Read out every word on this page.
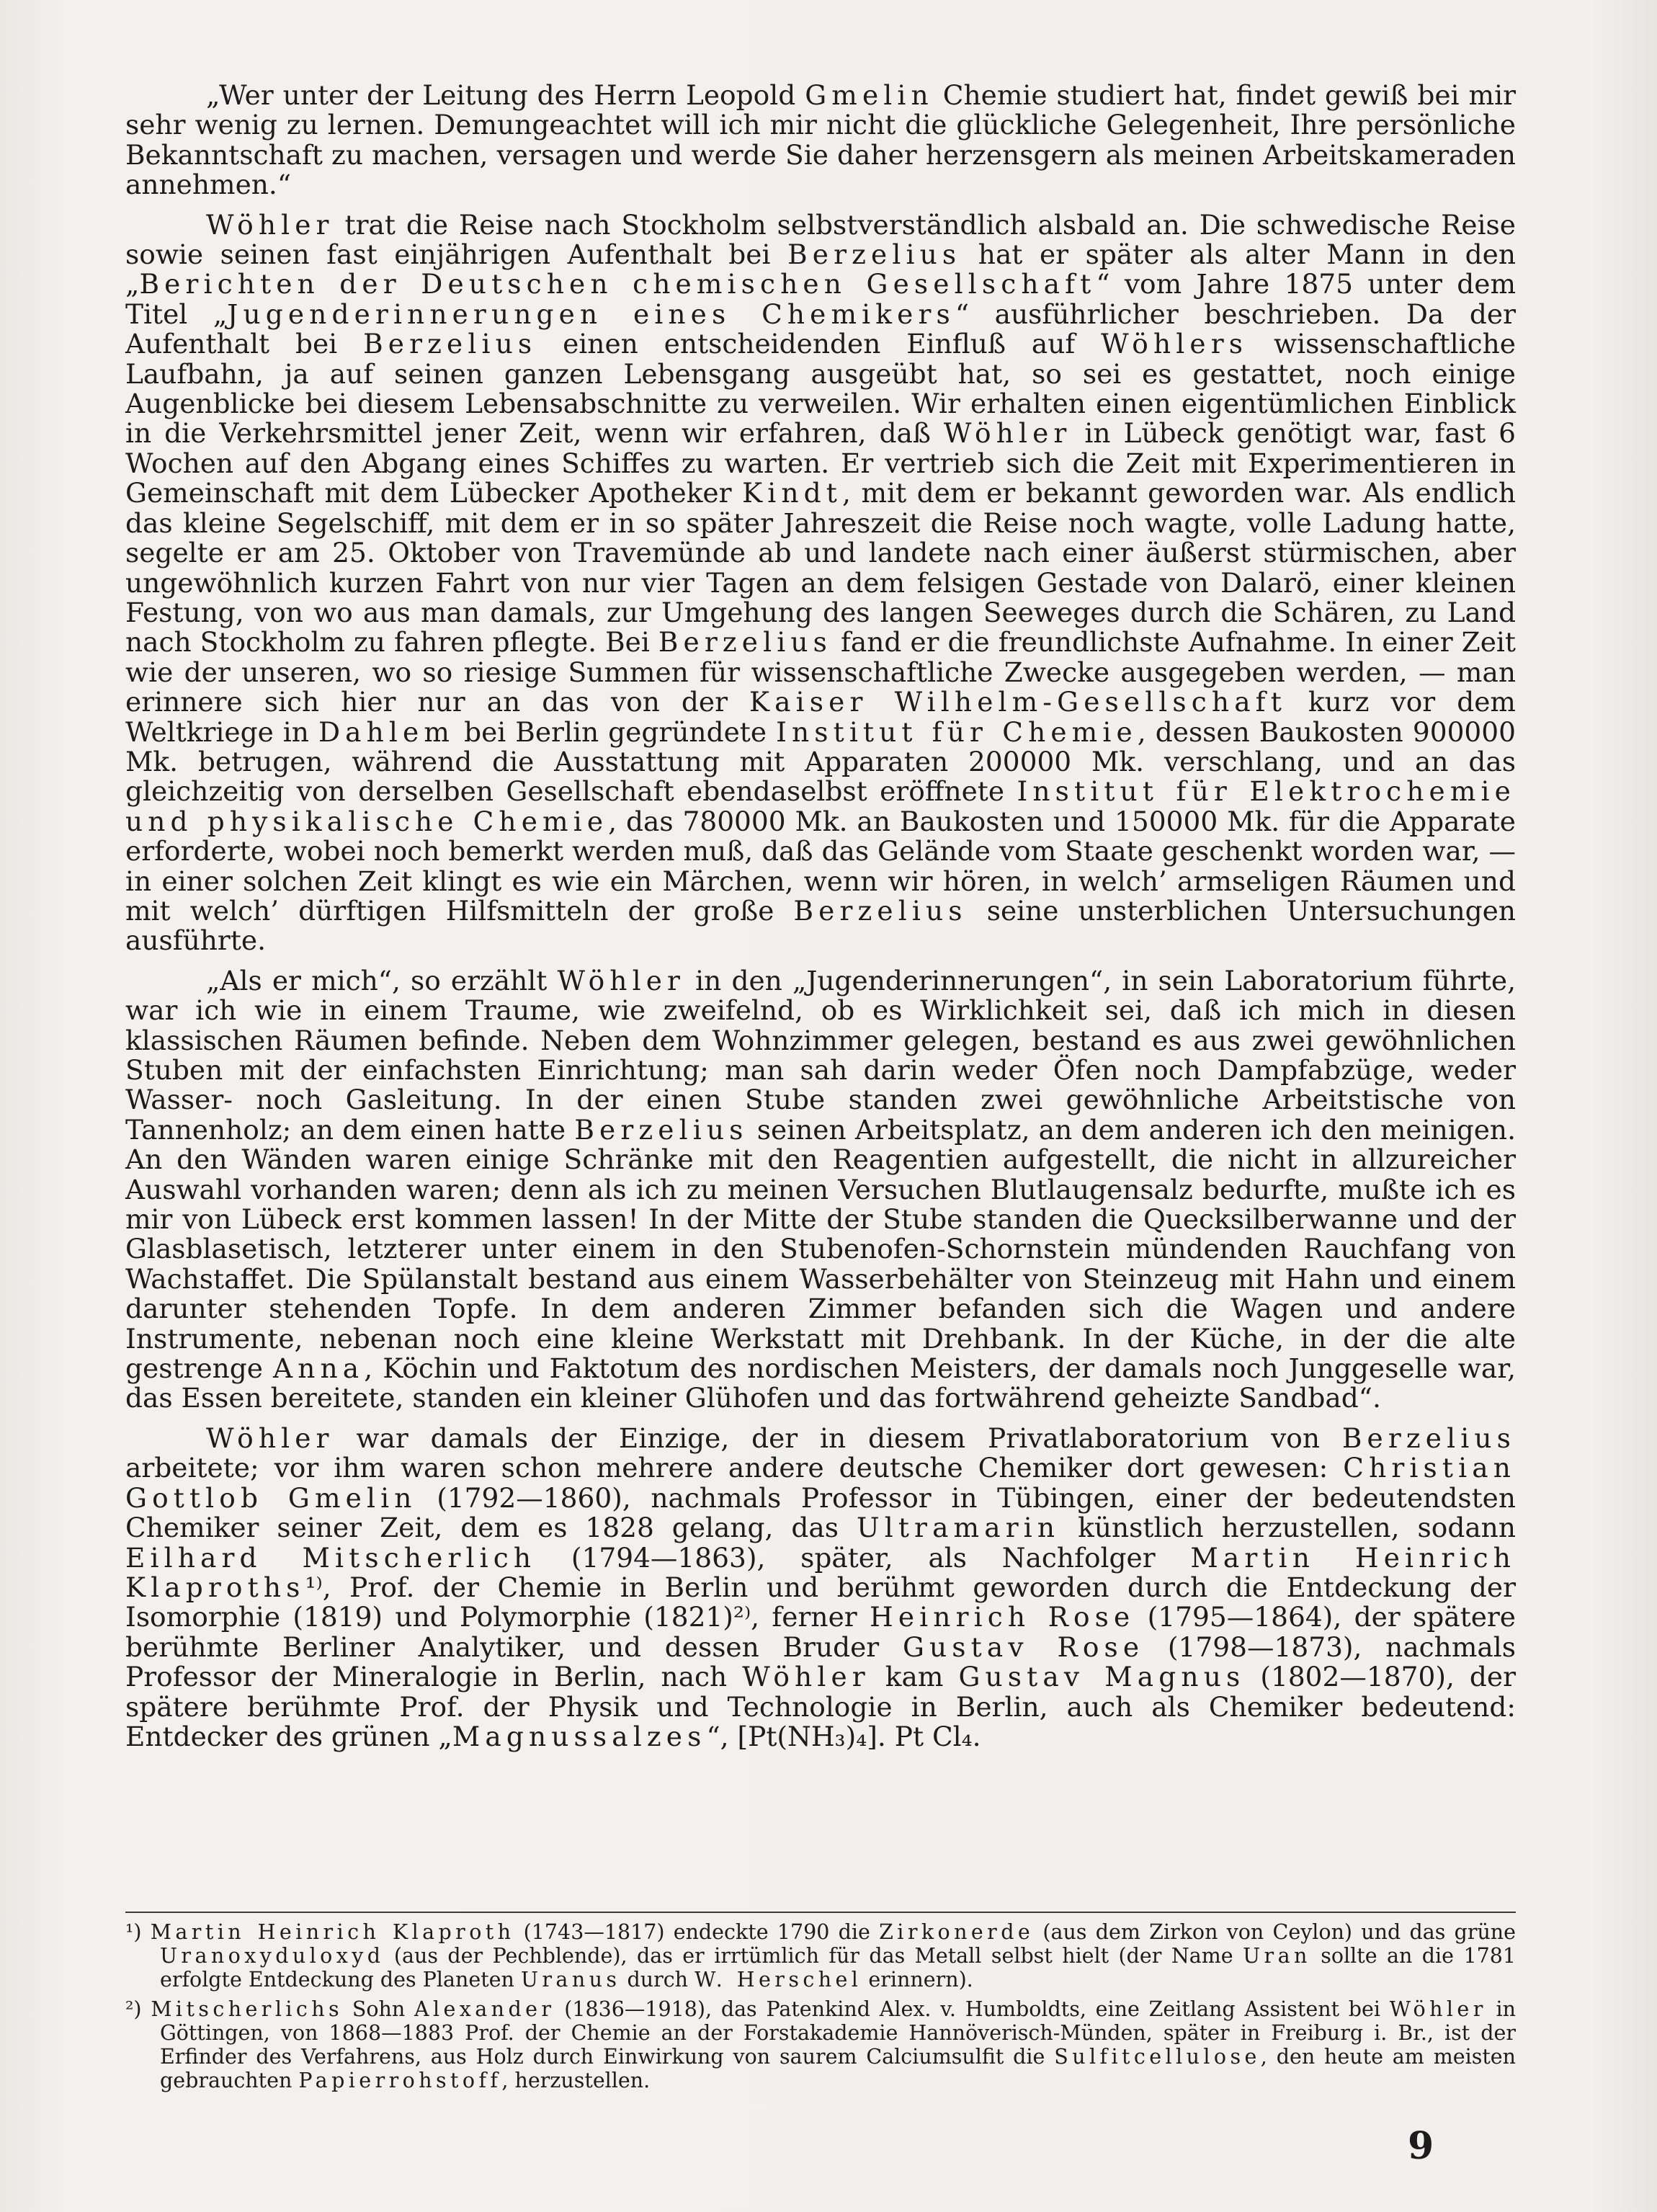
„Wer unter der Leitung des Herrn Leopold Gmelin Chemie studiert hat, findet gewiß bei mir sehr wenig zu lernen. Demungeachtet will ich mir nicht die glückliche Gelegenheit, Ihre persönliche Bekanntschaft zu machen, versagen und werde Sie daher herzensgern als meinen Arbeitskameraden annehmen.“

Wöhler trat die Reise nach Stockholm selbstverständlich alsbald an. Die schwedische Reise sowie seinen fast einjährigen Aufenthalt bei Berzelius hat er später als alter Mann in den „Berichten der Deutschen chemischen Gesellschaft“ vom Jahre 1875 unter dem Titel „Jugenderinnerungen eines Chemikers“ ausführlicher beschrieben. Da der Aufenthalt bei Berzelius einen entscheidenden Einfluß auf Wöhlers wissenschaftliche Laufbahn, ja auf seinen ganzen Lebensgang ausgeübt hat, so sei es gestattet, noch einige Augenblicke bei diesem Lebensabschnitte zu verweilen. Wir erhalten einen eigentümlichen Einblick in die Verkehrsmittel jener Zeit, wenn wir erfahren, daß Wöhler in Lübeck genötigt war, fast 6 Wochen auf den Abgang eines Schiffes zu warten. Er vertrieb sich die Zeit mit Experimentieren in Gemeinschaft mit dem Lübecker Apotheker Kindt, mit dem er bekannt geworden war. Als endlich das kleine Segelschiff, mit dem er in so später Jahreszeit die Reise noch wagte, volle Ladung hatte, segelte er am 25. Oktober von Travemünde ab und landete nach einer äußerst stürmischen, aber ungewöhnlich kurzen Fahrt von nur vier Tagen an dem felsigen Gestade von Dalarö, einer kleinen Festung, von wo aus man damals, zur Umgehung des langen Seeweges durch die Schären, zu Land nach Stockholm zu fahren pflegte. Bei Berzelius fand er die freundlichste Aufnahme. In einer Zeit wie der unseren, wo so riesige Summen für wissenschaftliche Zwecke ausgegeben werden, — man erinnere sich hier nur an das von der Kaiser Wilhelm-Gesellschaft kurz vor dem Weltkriege in Dahlem bei Berlin gegründete Institut für Chemie, dessen Baukosten 900000 Mk. betrugen, während die Ausstattung mit Apparaten 200000 Mk. verschlang, und an das gleichzeitig von derselben Gesellschaft ebendaselbst eröffnete Institut für Elektrochemie und physikalische Chemie, das 780000 Mk. an Baukosten und 150000 Mk. für die Apparate erforderte, wobei noch bemerkt werden muß, daß das Gelände vom Staate geschenkt worden war, — in einer solchen Zeit klingt es wie ein Märchen, wenn wir hören, in welch’ armseligen Räumen und mit welch’ dürftigen Hilfsmitteln der große Berzelius seine unsterblichen Untersuchungen ausführte.

„Als er mich“, so erzählt Wöhler in den „Jugenderinnerungen“, in sein Laboratorium führte, war ich wie in einem Traume, wie zweifelnd, ob es Wirklichkeit sei, daß ich mich in diesen klassischen Räumen befinde. Neben dem Wohnzimmer gelegen, bestand es aus zwei gewöhnlichen Stuben mit der einfachsten Einrichtung; man sah darin weder Öfen noch Dampfabzüge, weder Wasser- noch Gasleitung. In der einen Stube standen zwei gewöhnliche Arbeitstische von Tannenholz; an dem einen hatte Berzelius seinen Arbeitsplatz, an dem anderen ich den meinigen. An den Wänden waren einige Schränke mit den Reagentien aufgestellt, die nicht in allzureicher Auswahl vorhanden waren; denn als ich zu meinen Versuchen Blutlaugensalz bedurfte, mußte ich es mir von Lübeck erst kommen lassen! In der Mitte der Stube standen die Quecksilberwanne und der Glasblasetisch, letzterer unter einem in den Stubenofen-Schornstein mündenden Rauchfang von Wachstaffet. Die Spülanstalt bestand aus einem Wasserbehälter von Steinzeug mit Hahn und einem darunter stehenden Topfe. In dem anderen Zimmer befanden sich die Wagen und andere Instrumente, nebenan noch eine kleine Werkstatt mit Drehbank. In der Küche, in der die alte gestrenge Anna, Köchin und Faktotum des nordischen Meisters, der damals noch Junggeselle war, das Essen bereitete, standen ein kleiner Glühofen und das fortwährend geheizte Sandbad“.

Wöhler war damals der Einzige, der in diesem Privatlaboratorium von Berzelius arbeitete; vor ihm waren schon mehrere andere deutsche Chemiker dort gewesen: Christian Gottlob Gmelin (1792—1860), nachmals Professor in Tübingen, einer der bedeutendsten Chemiker seiner Zeit, dem es 1828 gelang, das Ultramarin künstlich herzustellen, sodann Eilhard Mitscherlich (1794—1863), später, als Nachfolger Martin Heinrich Klaproths¹⁾, Prof. der Chemie in Berlin und berühmt geworden durch die Entdeckung der Isomorphie (1819) und Polymorphie (1821)²⁾, ferner Heinrich Rose (1795—1864), der spätere berühmte Berliner Analytiker, und dessen Bruder Gustav Rose (1798—1873), nachmals Professor der Mineralogie in Berlin, nach Wöhler kam Gustav Magnus (1802—1870), der spätere berühmte Prof. der Physik und Technologie in Berlin, auch als Chemiker bedeutend: Entdecker des grünen „Magnussalzes“, [Pt(NH₃)₄]. Pt Cl₄.

¹) Martin Heinrich Klaproth (1743—1817) endeckte 1790 die Zirkonerde (aus dem Zirkon von Ceylon) und das grüne Uranoxyduloxyd (aus der Pechblende), das er irrtümlich für das Metall selbst hielt (der Name Uran sollte an die 1781 erfolgte Entdeckung des Planeten Uranus durch W. Herschel erinnern).

²) Mitscherlichs Sohn Alexander (1836—1918), das Patenkind Alex. v. Humboldts, eine Zeitlang Assistent bei Wöhler in Göttingen, von 1868—1883 Prof. der Chemie an der Forstakademie Hannöverisch-Münden, später in Freiburg i. Br., ist der Erfinder des Verfahrens, aus Holz durch Einwirkung von saurem Calciumsulfit die Sulfitcellulose, den heute am meisten gebrauchten Papierrohstoff, herzustellen.

9
